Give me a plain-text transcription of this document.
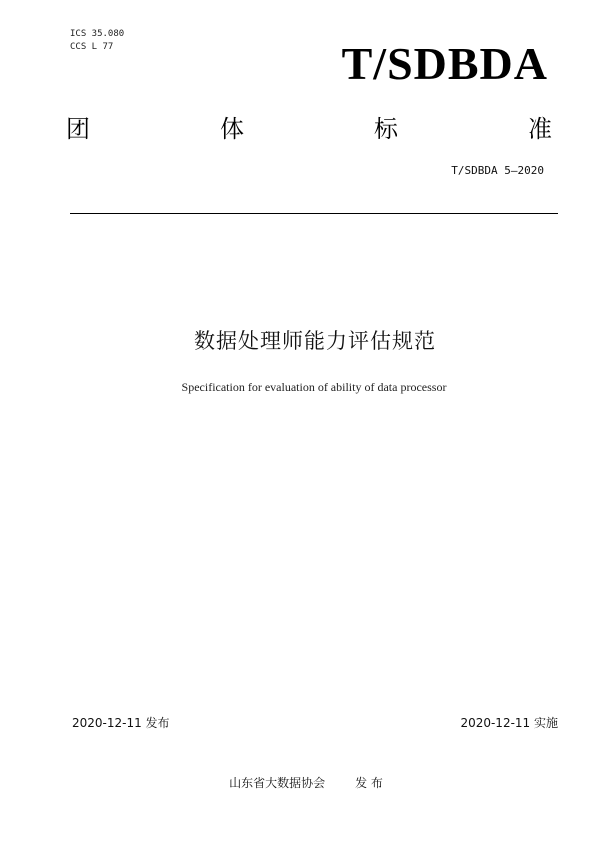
ICS 35.080
CCS L 77	T/SDBDA
团	体	标	准
T/SDBDA 5—2020
数据处理师能力评估规范
Specification for evaluation of ability of data processor
2020-12-11 发布	2020-12-11 实施
山东省大数据协会	发 布
